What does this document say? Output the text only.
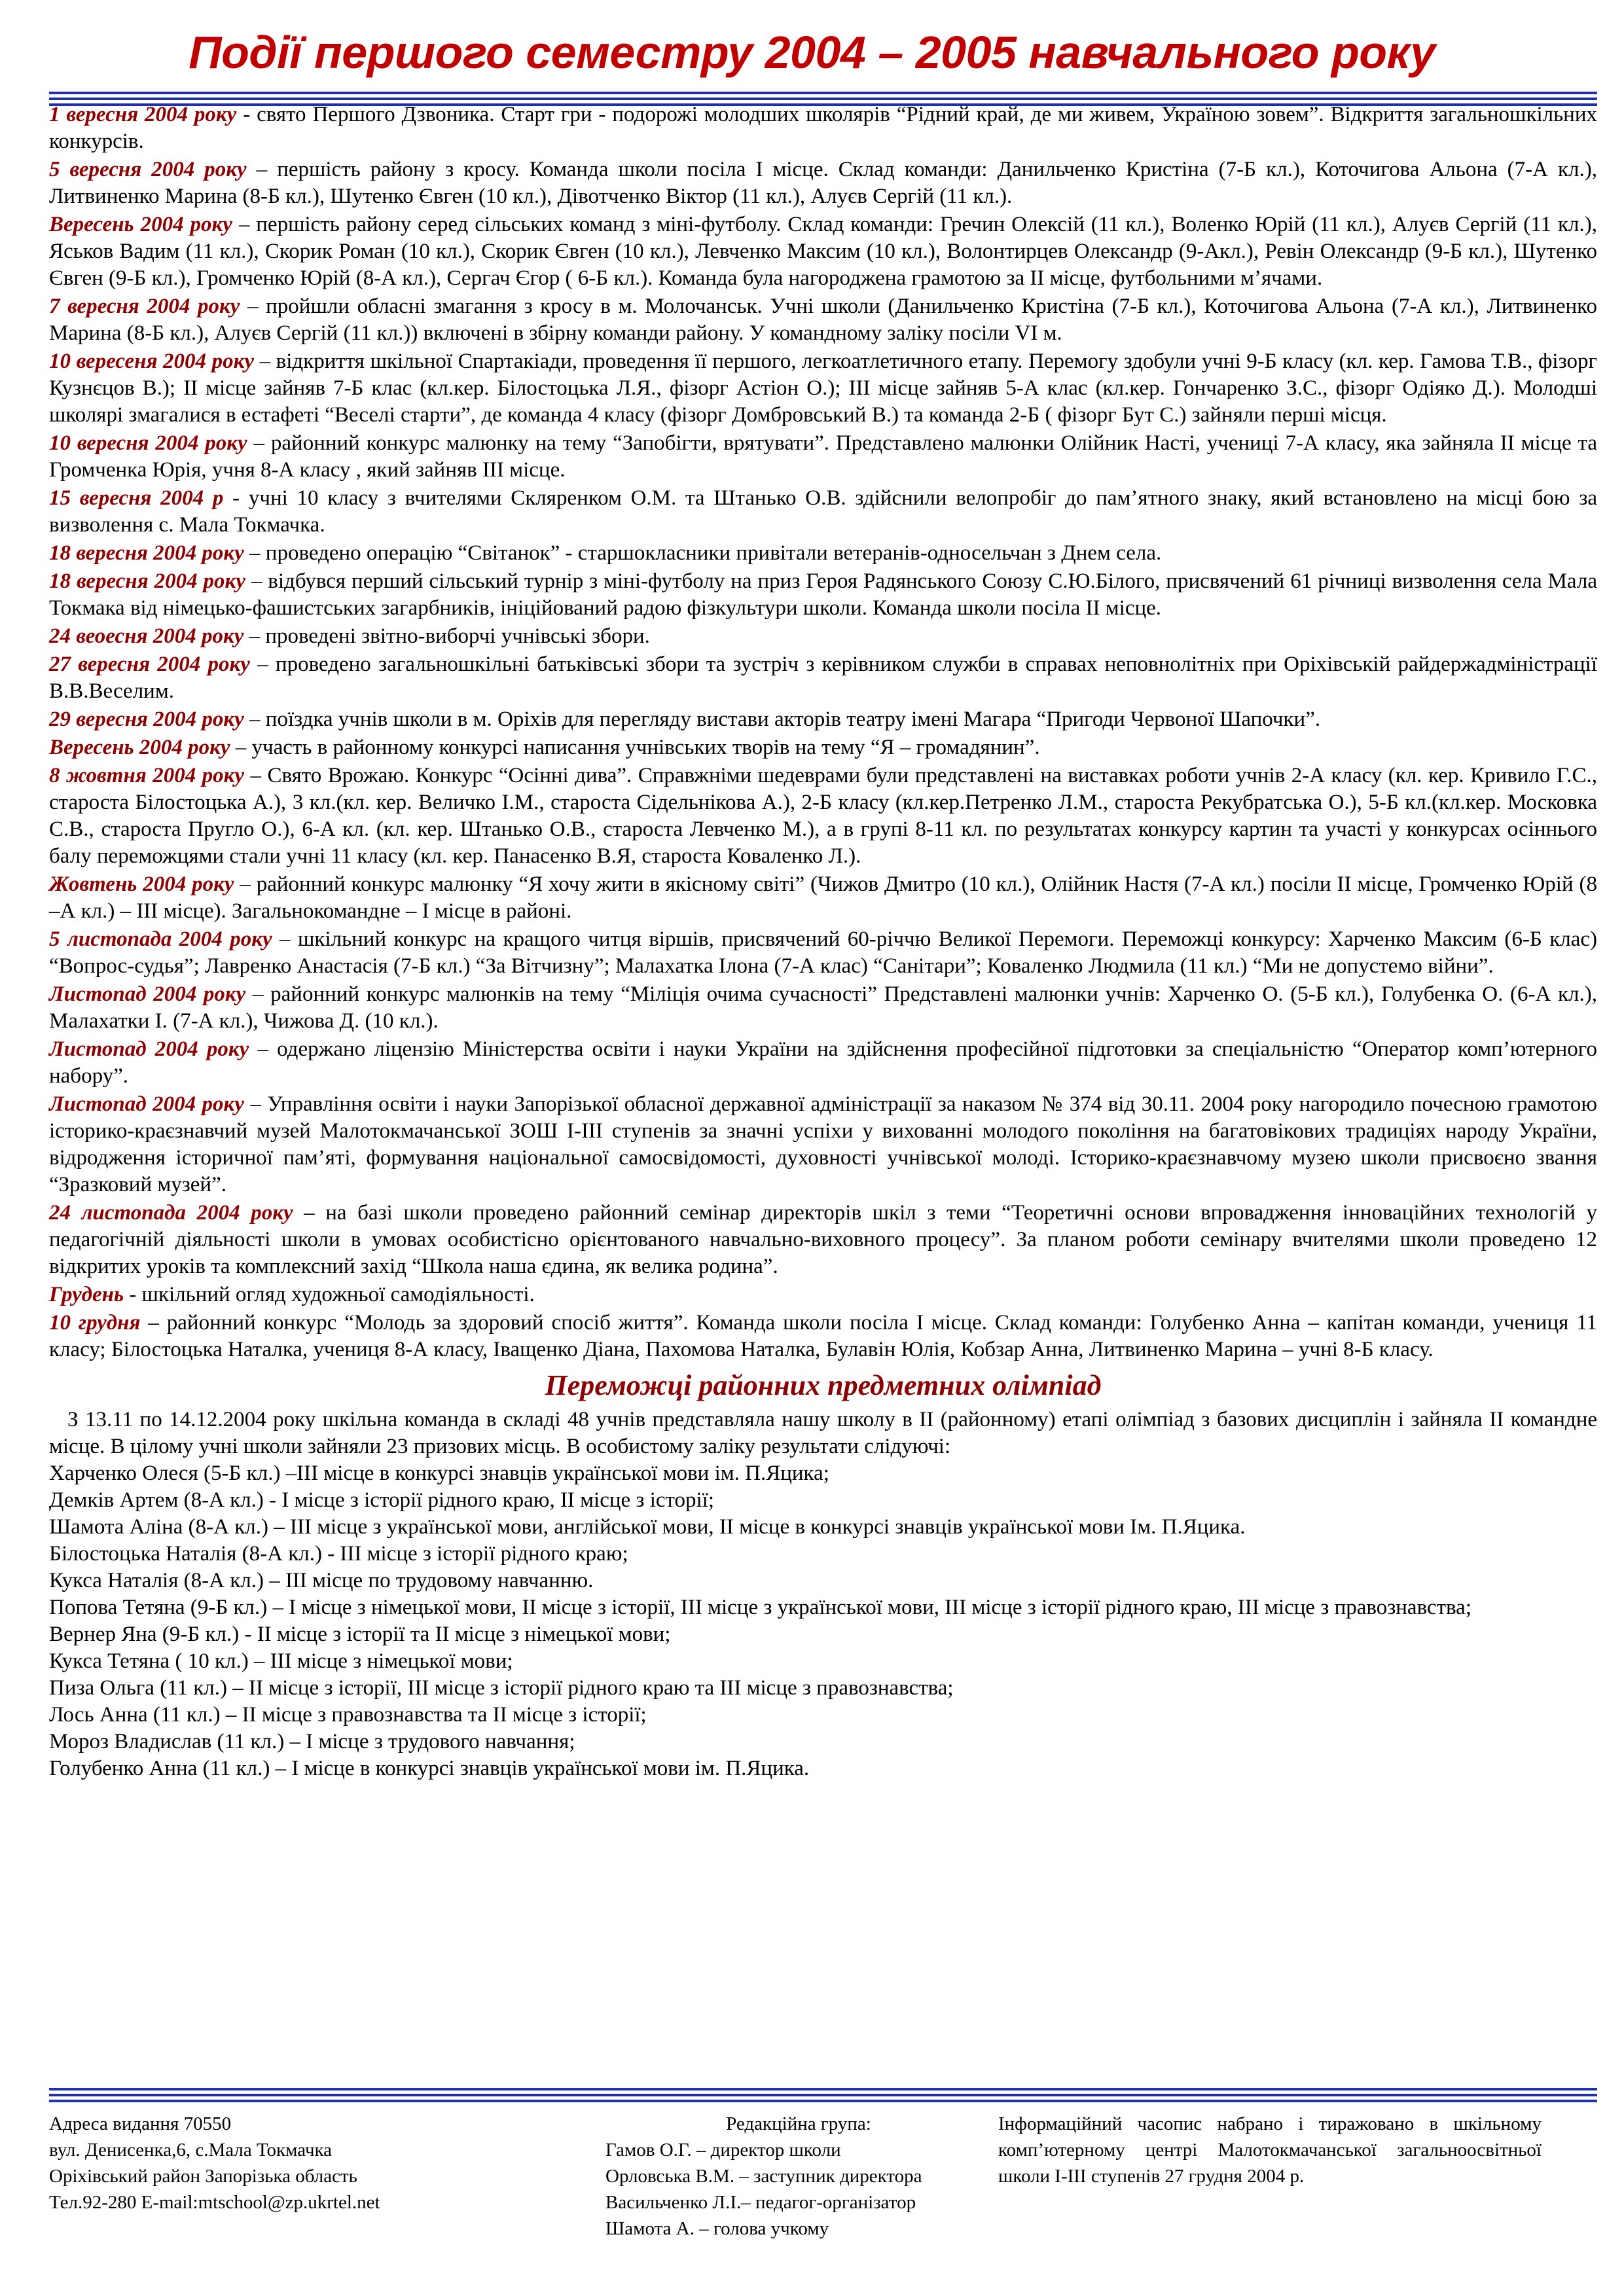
Події першого семестру 2004 – 2005 навчального року
1 вересня 2004 року - свято Першого Дзвоника. Старт гри - подорожі молодших школярів “Рідний край, де ми живем, Україною зовем”. Відкриття загальношкільних конкурсів.
5 вересня 2004 року – першість району з кросу. Команда школи посіла І місце. Склад команди: Данильченко Кристіна (7-Б кл.), Коточигова Альона (7-А кл.), Литвиненко Марина (8-Б кл.), Шутенко Євген (10 кл.), Дівотченко Віктор (11 кл.), Алуєв Сергій (11 кл.).
Вересень 2004 року – першість району серед сільських команд з міні-футболу. Склад команди: Гречин Олексій (11 кл.), Воленко Юрій (11 кл.), Алуєв Сергій (11 кл.), Яськов Вадим (11 кл.), Скорик Роман (10 кл.), Скорик Євген (10 кл.), Левченко Максим (10 кл.), Волонтирцев Олександр (9-Акл.), Ревін Олександр (9-Б кл.), Шутенко Євген (9-Б кл.), Громченко Юрій (8-А кл.), Сергач Єгор ( 6-Б кл.). Команда була нагороджена грамотою за ІІ місце, футбольними м’ячами.
7 вересня 2004 року – пройшли обласні змагання з кросу в м. Молочанськ. Учні школи (Данильченко Кристіна (7-Б кл.), Коточигова Альона (7-А кл.), Литвиненко Марина (8-Б кл.), Алуєв Сергій (11 кл.)) включені в збірну команди району. У командному заліку посіли VІ м.
10 вересеня 2004 року – відкриття шкільної Спартакіади, проведення її першого, легкоатлетичного етапу. Перемогу здобули учні 9-Б класу (кл. кер. Гамова Т.В., фізорг Кузнєцов В.); ІІ місце зайняв 7-Б клас (кл.кер. Білостоцька Л.Я., фізорг Астіон О.); ІІІ місце зайняв 5-А клас (кл.кер. Гончаренко З.С., фізорг Одіяко Д.). Молодші школярі змагалися в естафеті “Веселі старти”, де команда 4 класу (фізорг Домбровський В.) та команда 2-Б ( фізорг Бут С.) зайняли перші місця.
10 вересня 2004 року – районний конкурс малюнку на тему “Запобігти, врятувати”. Представлено малюнки Олійник Насті, учениці 7-А класу, яка зайняла ІІ місце та Громченка Юрія, учня 8-А класу , який зайняв ІІІ місце.
15 вересня 2004 р - учні 10 класу з вчителями Скляренком О.М. та Штанько О.В. здійснили велопробіг до пам’ятного знаку, який встановлено на місці бою за визволення с. Мала Токмачка.
18 вересня 2004 року – проведено операцію “Світанок” - старшокласники привітали ветеранів-односельчан з Днем села.
18 вересня 2004 року – відбувся перший сільський турнір з міні-футболу на приз Героя Радянського Союзу С.Ю.Білого, присвячений 61 річниці визволення села Мала Токмака від німецько-фашистських загарбників, ініційований радою фізкультури школи. Команда школи посіла ІІ місце.
24 веоесня 2004 року – проведені звітно-виборчі учнівські збори.
27 вересня 2004 року – проведено загальношкільні батьківські збори та зустріч з керівником служби в справах неповнолітніх при Оріхівській райдержадміністрації В.В.Веселим.
29 вересня 2004 року – поїздка учнів школи в м. Оріхів для перегляду вистави акторів театру імені Магара “Пригоди Червоної Шапочки”.
Вересень 2004 року – участь в районному конкурсі написання учнівських творів на тему “Я – громадянин”.
8 жовтня 2004 року – Свято Врожаю. Конкурс “Осінні дива”. Справжніми шедеврами були представлені на виставках роботи учнів 2-А класу (кл. кер. Кривило Г.С., староста Білостоцька А.), 3 кл.(кл. кер. Величко І.М., староста Сідельнікова А.), 2-Б класу (кл.кер.Петренко Л.М., староста Рекубратська О.), 5-Б кл.(кл.кер. Московка С.В., староста Пругло О.), 6-А кл. (кл. кер. Штанько О.В., староста Левченко М.), а в групі 8-11 кл. по результатах конкурсу картин та участі у конкурсах осіннього балу переможцями стали учні 11 класу (кл. кер. Панасенко В.Я, староста Коваленко Л.).
Жовтень 2004 року – районний конкурс малюнку “Я хочу жити в якісному світі” (Чижов Дмитро (10 кл.), Олійник Настя (7-А кл.) посіли ІІ місце, Громченко Юрій (8 –А кл.) – ІІІ місце). Загальнокомандне – І місце в районі.
5 листопада 2004 року – шкільний конкурс на кращого читця віршів, присвячений 60-річчю Великої Перемоги. Переможці конкурсу: Харченко Максим (6-Б клас) “Вопрос-судья”; Лавренко Анастасія (7-Б кл.) “За Вітчизну”; Малахатка Ілона (7-А клас) “Санітари”; Коваленко Людмила (11 кл.) “Ми не допустемо війни”.
Листопад 2004 року – районний конкурс малюнків на тему “Міліція очима сучасності” Представлені малюнки учнів: Харченко О. (5-Б кл.), Голубенка О. (6-А кл.), Малахатки І. (7-А кл.), Чижова Д. (10 кл.).
Листопад 2004 року – одержано ліцензію Міністерства освіти і науки України на здійснення професійної підготовки за спеціальністю “Оператор комп’ютерного набору”.
Листопад 2004 року – Управління освіти і науки Запорізької обласної державної адміністрації за наказом № 374 від 30.11. 2004 року нагородило почесною грамотою історико-краєзнавчий музей Малотокмачанської ЗОШ І-ІІІ ступенів за значні успіхи у вихованні молодого покоління на багатовікових традиціях народу України, відродження історичної пам’яті, формування національної самосвідомості, духовності учнівської молоді. Історико-краєзнавчому музею школи присвоєно звання “Зразковий музей”.
24 листопада 2004 року – на базі школи проведено районний семінар директорів шкіл з теми “Теоретичні основи впровадження інноваційних технологій у педагогічній діяльності школи в умовах особистісно орієнтованого навчально-виховного процесу”. За планом роботи семінару вчителями школи проведено 12 відкритих уроків та комплексний захід “Школа наша єдина, як велика родина”.
Грудень - шкільний огляд художньої самодіяльності.
10 грудня – районний конкурс “Молодь за здоровий спосіб життя”. Команда школи посіла І місце. Склад команди: Голубенко Анна – капітан команди, учениця 11 класу; Білостоцька Наталка, учениця 8-А класу, Іващенко Діана, Пахомова Наталка, Булавін Юлія, Кобзар Анна, Литвиненко Марина – учні 8-Б класу.
Переможці районних предметних олімпіад
З 13.11 по 14.12.2004 року шкільна команда в складі 48 учнів представляла нашу школу в ІІ (районному) етапі олімпіад з базових дисциплін і зайняла ІІ командне місце. В цілому учні школи зайняли 23 призових місць. В особистому заліку результати слідуючі:
Харченко Олеся (5-Б кл.) –ІІІ місце в конкурсі знавців української мови ім. П.Яцика;
Демків Артем (8-А кл.) - І місце з історії рідного краю, ІІ місце з історії;
Шамота Аліна (8-А кл.) – ІІІ місце з української мови, англійської мови, ІІ місце в конкурсі знавців української мови Ім. П.Яцика.
Білостоцька Наталія (8-А кл.) - ІІІ місце з історії рідного краю;
Кукса Наталія (8-А кл.) – ІІІ місце по трудовому навчанню.
Попова Тетяна (9-Б кл.) – І місце з німецької мови, ІІ місце з історії, ІІІ місце з української мови, ІІІ місце з історії рідного краю, ІІІ місце з правознавства;
Вернер Яна (9-Б кл.) - ІІ місце з історії та ІІ місце з німецької мови;
Кукса Тетяна ( 10 кл.) – ІІІ місце з німецької мови;
Пиза Ольга (11 кл.) – ІІ місце з історії, ІІІ місце з історії рідного краю та ІІІ місце з правознавства;
Лось Анна (11 кл.) – ІІ місце з правознавства та ІІ місце з історії;
Мороз Владислав (11 кл.) – І місце з трудового навчання;
Голубенко Анна (11 кл.) – І місце в конкурсі знавців української мови ім. П.Яцика.
Адреса видання 70550
вул. Денисенка,6, с.Мала Токмачка
Оріхівський район Запорізька область
Тел.92-280 E-mail:mtschool@zp.ukrtel.net
Редакційна група:
Гамов О.Г. – директор школи
Орловська В.М. – заступник директора
Васильченко Л.І.– педагог-організатор
Шамота А. – голова учкому
Інформаційний часопис набрано і тиражовано в шкільному комп’ютерному центрі Малотокмачанської загальноосвітньої школи І-ІІІ ступенів 27 грудня 2004 р.
